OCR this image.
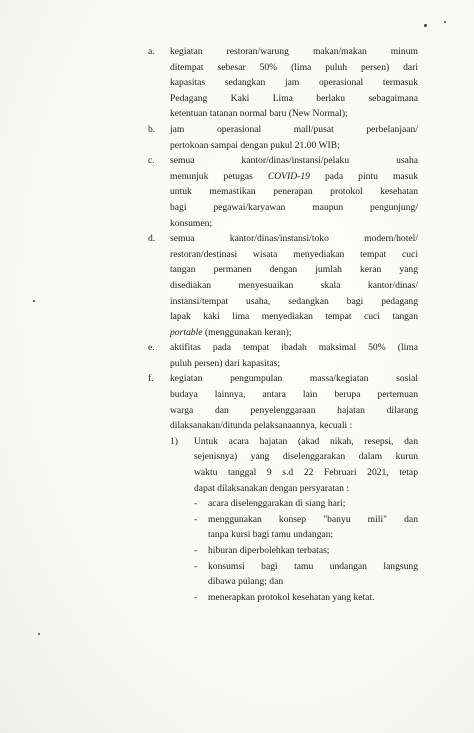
a. kegiatan restoran/warung makan/makan minum
ditempat sebesar 50% (lima puluh persen) dari
kapasitas sedangkan jam operasional termasuk
Pedagang Kaki Lima berlaku sebagaimana
ketentuan tatanan normal baru (New Normal);
b. jam operasional mall/pusat perbelanjaan/
pertokoan sampai dengan pukul 21.00 WIB;
c. semua kantor/dinas/instansi/pelaku usaha
menunjuk petugas COVID-19 pada pintu masuk
untuk memastikan penerapan protokol kesehatan
bagi pegawai/karyawan maupun pengunjung/
konsumen;
d. semua kantor/dinas/instansi/toko modern/hotel/
restoran/destinasi wisata menyediakan tempat cuci
tangan permanen dengan jumlah keran yang
disediakan menyesuaikan skala kantor/dinas/
instansi/tempat usaha, sedangkan bagi pedagang
lapak kaki lima menyediakan tempat cuci tangan
portable (menggunakan keran);
e. aktifitas pada tempat ibadah maksimal 50% (lima
puluh persen) dari kapasitas;
f. kegiatan pengumpulan massa/kegiatan sosial
budaya lainnya, antara lain berupa pertemuan
warga dan penyelenggaraan hajatan dilarang
dilaksanakan/ditunda pelaksanaannya, kecuali :
1) Untuk acara hajatan (akad nikah, resepsi, dan
sejenisnya) yang diselenggarakan dalam kurun
waktu tanggal 9 s.d 22 Februari 2021, tetap
dapat dilaksanakan dengan persyaratan :
- acara diselenggarakan di siang hari;
- menggunakan konsep "banyu mili" dan
tanpa kursi bagi tamu undangan;
- hiburan diperbolehkan terbatas;
- konsumsi bagi tamu undangan langsung
dibawa pulang; dan
- menerapkan protokol kesehatan yang ketat.
